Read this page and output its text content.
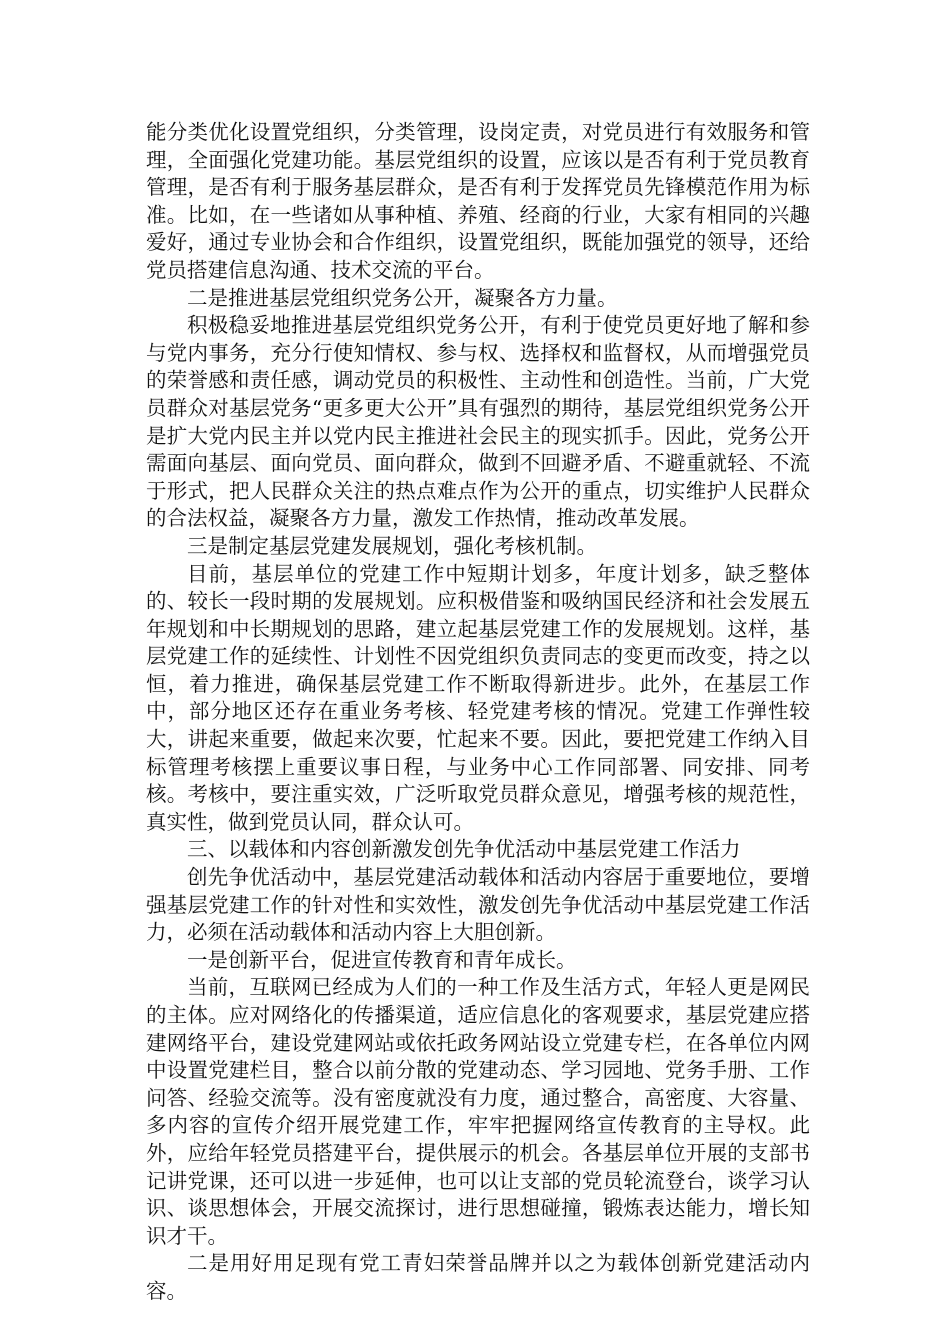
能分类优化设置党组织，分类管理，设岗定责，对党员进行有效服务和管理，全面强化党建功能。基层党组织的设置，应该以是否有利于党员教育管理，是否有利于服务基层群众，是否有利于发挥党员先锋模范作用为标准。比如，在一些诸如从事种植、养殖、经商的行业，大家有相同的兴趣爱好，通过专业协会和合作组织，设置党组织，既能加强党的领导，还给党员搭建信息沟通、技术交流的平台。

二是推进基层党组织党务公开，凝聚各方力量。

积极稳妥地推进基层党组织党务公开，有利于使党员更好地了解和参与党内事务，充分行使知情权、参与权、选择权和监督权，从而增强党员的荣誉感和责任感，调动党员的积极性、主动性和创造性。当前，广大党员群众对基层党务“更多更大公开”具有强烈的期待，基层党组织党务公开是扩大党内民主并以党内民主推进社会民主的现实抓手。因此，党务公开需面向基层、面向党员、面向群众，做到不回避矛盾、不避重就轻、不流于形式，把人民群众关注的热点难点作为公开的重点，切实维护人民群众的合法权益，凝聚各方力量，激发工作热情，推动改革发展。

三是制定基层党建发展规划，强化考核机制。

目前，基层单位的党建工作中短期计划多，年度计划多，缺乏整体的、较长一段时期的发展规划。应积极借鉴和吸纳国民经济和社会发展五年规划和中长期规划的思路，建立起基层党建工作的发展规划。这样，基层党建工作的延续性、计划性不因党组织负责同志的变更而改变，持之以恒，着力推进，确保基层党建工作不断取得新进步。此外，在基层工作中，部分地区还存在重业务考核、轻党建考核的情况。党建工作弹性较大，讲起来重要，做起来次要，忙起来不要。因此，要把党建工作纳入目标管理考核摆上重要议事日程，与业务中心工作同部署、同安排、同考核。考核中，要注重实效，广泛听取党员群众意见，增强考核的规范性，真实性，做到党员认同，群众认可。

三、以载体和内容创新激发创先争优活动中基层党建工作活力

创先争优活动中，基层党建活动载体和活动内容居于重要地位，要增强基层党建工作的针对性和实效性，激发创先争优活动中基层党建工作活力，必须在活动载体和活动内容上大胆创新。

一是创新平台，促进宣传教育和青年成长。

当前，互联网已经成为人们的一种工作及生活方式，年轻人更是网民的主体。应对网络化的传播渠道，适应信息化的客观要求，基层党建应搭建网络平台，建设党建网站或依托政务网站设立党建专栏，在各单位内网中设置党建栏目，整合以前分散的党建动态、学习园地、党务手册、工作问答、经验交流等。没有密度就没有力度，通过整合，高密度、大容量、多内容的宣传介绍开展党建工作，牢牢把握网络宣传教育的主导权。此外，应给年轻党员搭建平台，提供展示的机会。各基层单位开展的支部书记讲党课，还可以进一步延伸，也可以让支部的党员轮流登台，谈学习认识、谈思想体会，开展交流探讨，进行思想碰撞，锻炼表达能力，增长知识才干。

二是用好用足现有党工青妇荣誉品牌并以之为载体创新党建活动内容。
